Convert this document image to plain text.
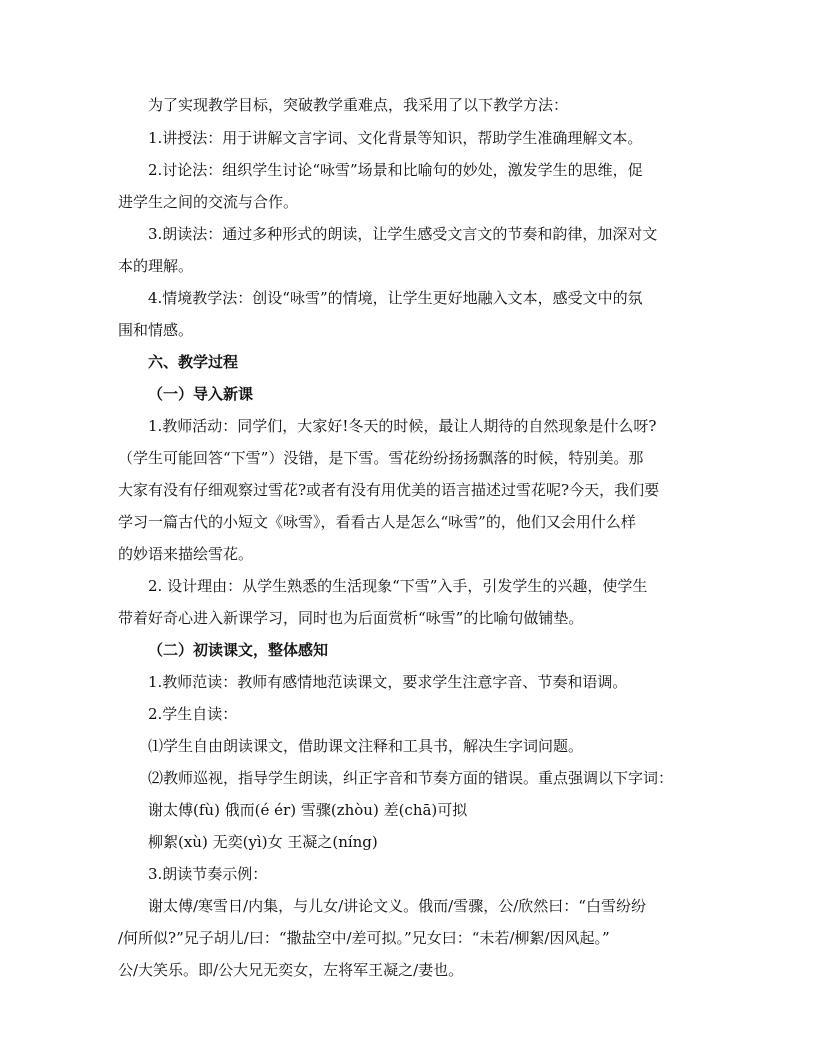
为了实现教学目标，突破教学重难点，我采用了以下教学方法：
1.讲授法：用于讲解文言字词、文化背景等知识，帮助学生准确理解文本。
2.讨论法：组织学生讨论“咏雪”场景和比喻句的妙处，激发学生的思维，促
进学生之间的交流与合作。
3.朗读法：通过多种形式的朗读，让学生感受文言文的节奏和韵律，加深对文
本的理解。
4.情境教学法：创设“咏雪”的情境，让学生更好地融入文本，感受文中的氛
围和情感。
六、教学过程
（一）导入新课
1.教师活动：同学们，大家好!冬天的时候，最让人期待的自然现象是什么呀?
（学生可能回答“下雪”）没错，是下雪。雪花纷纷扬扬飘落的时候，特别美。那
大家有没有仔细观察过雪花?或者有没有用优美的语言描述过雪花呢?今天，我们要
学习一篇古代的小短文《咏雪》，看看古人是怎么“咏雪”的，他们又会用什么样
的妙语来描绘雪花。
2. 设计理由：从学生熟悉的生活现象“下雪”入手，引发学生的兴趣，使学生
带着好奇心进入新课学习，同时也为后面赏析“咏雪”的比喻句做铺垫。
（二）初读课文，整体感知
1.教师范读：教师有感情地范读课文，要求学生注意字音、节奏和语调。
2.学生自读：
⑴学生自由朗读课文，借助课文注释和工具书，解决生字词问题。
⑵教师巡视，指导学生朗读，纠正字音和节奏方面的错误。重点强调以下字词：
谢太傅(fù) 俄而(é ér) 雪骤(zhòu) 差(chā)可拟
柳絮(xù) 无奕(yì)女 王凝之(níng)
3.朗读节奏示例：
谢太傅/寒雪日/内集，与儿女/讲论文义。俄而/雪骤，公/欣然曰：“白雪纷纷
/何所似?”兄子胡儿/曰：“撒盐空中/差可拟。”兄女曰：“未若/柳絮/因风起。”
公/大笑乐。即/公大兄无奕女，左将军王凝之/妻也。
